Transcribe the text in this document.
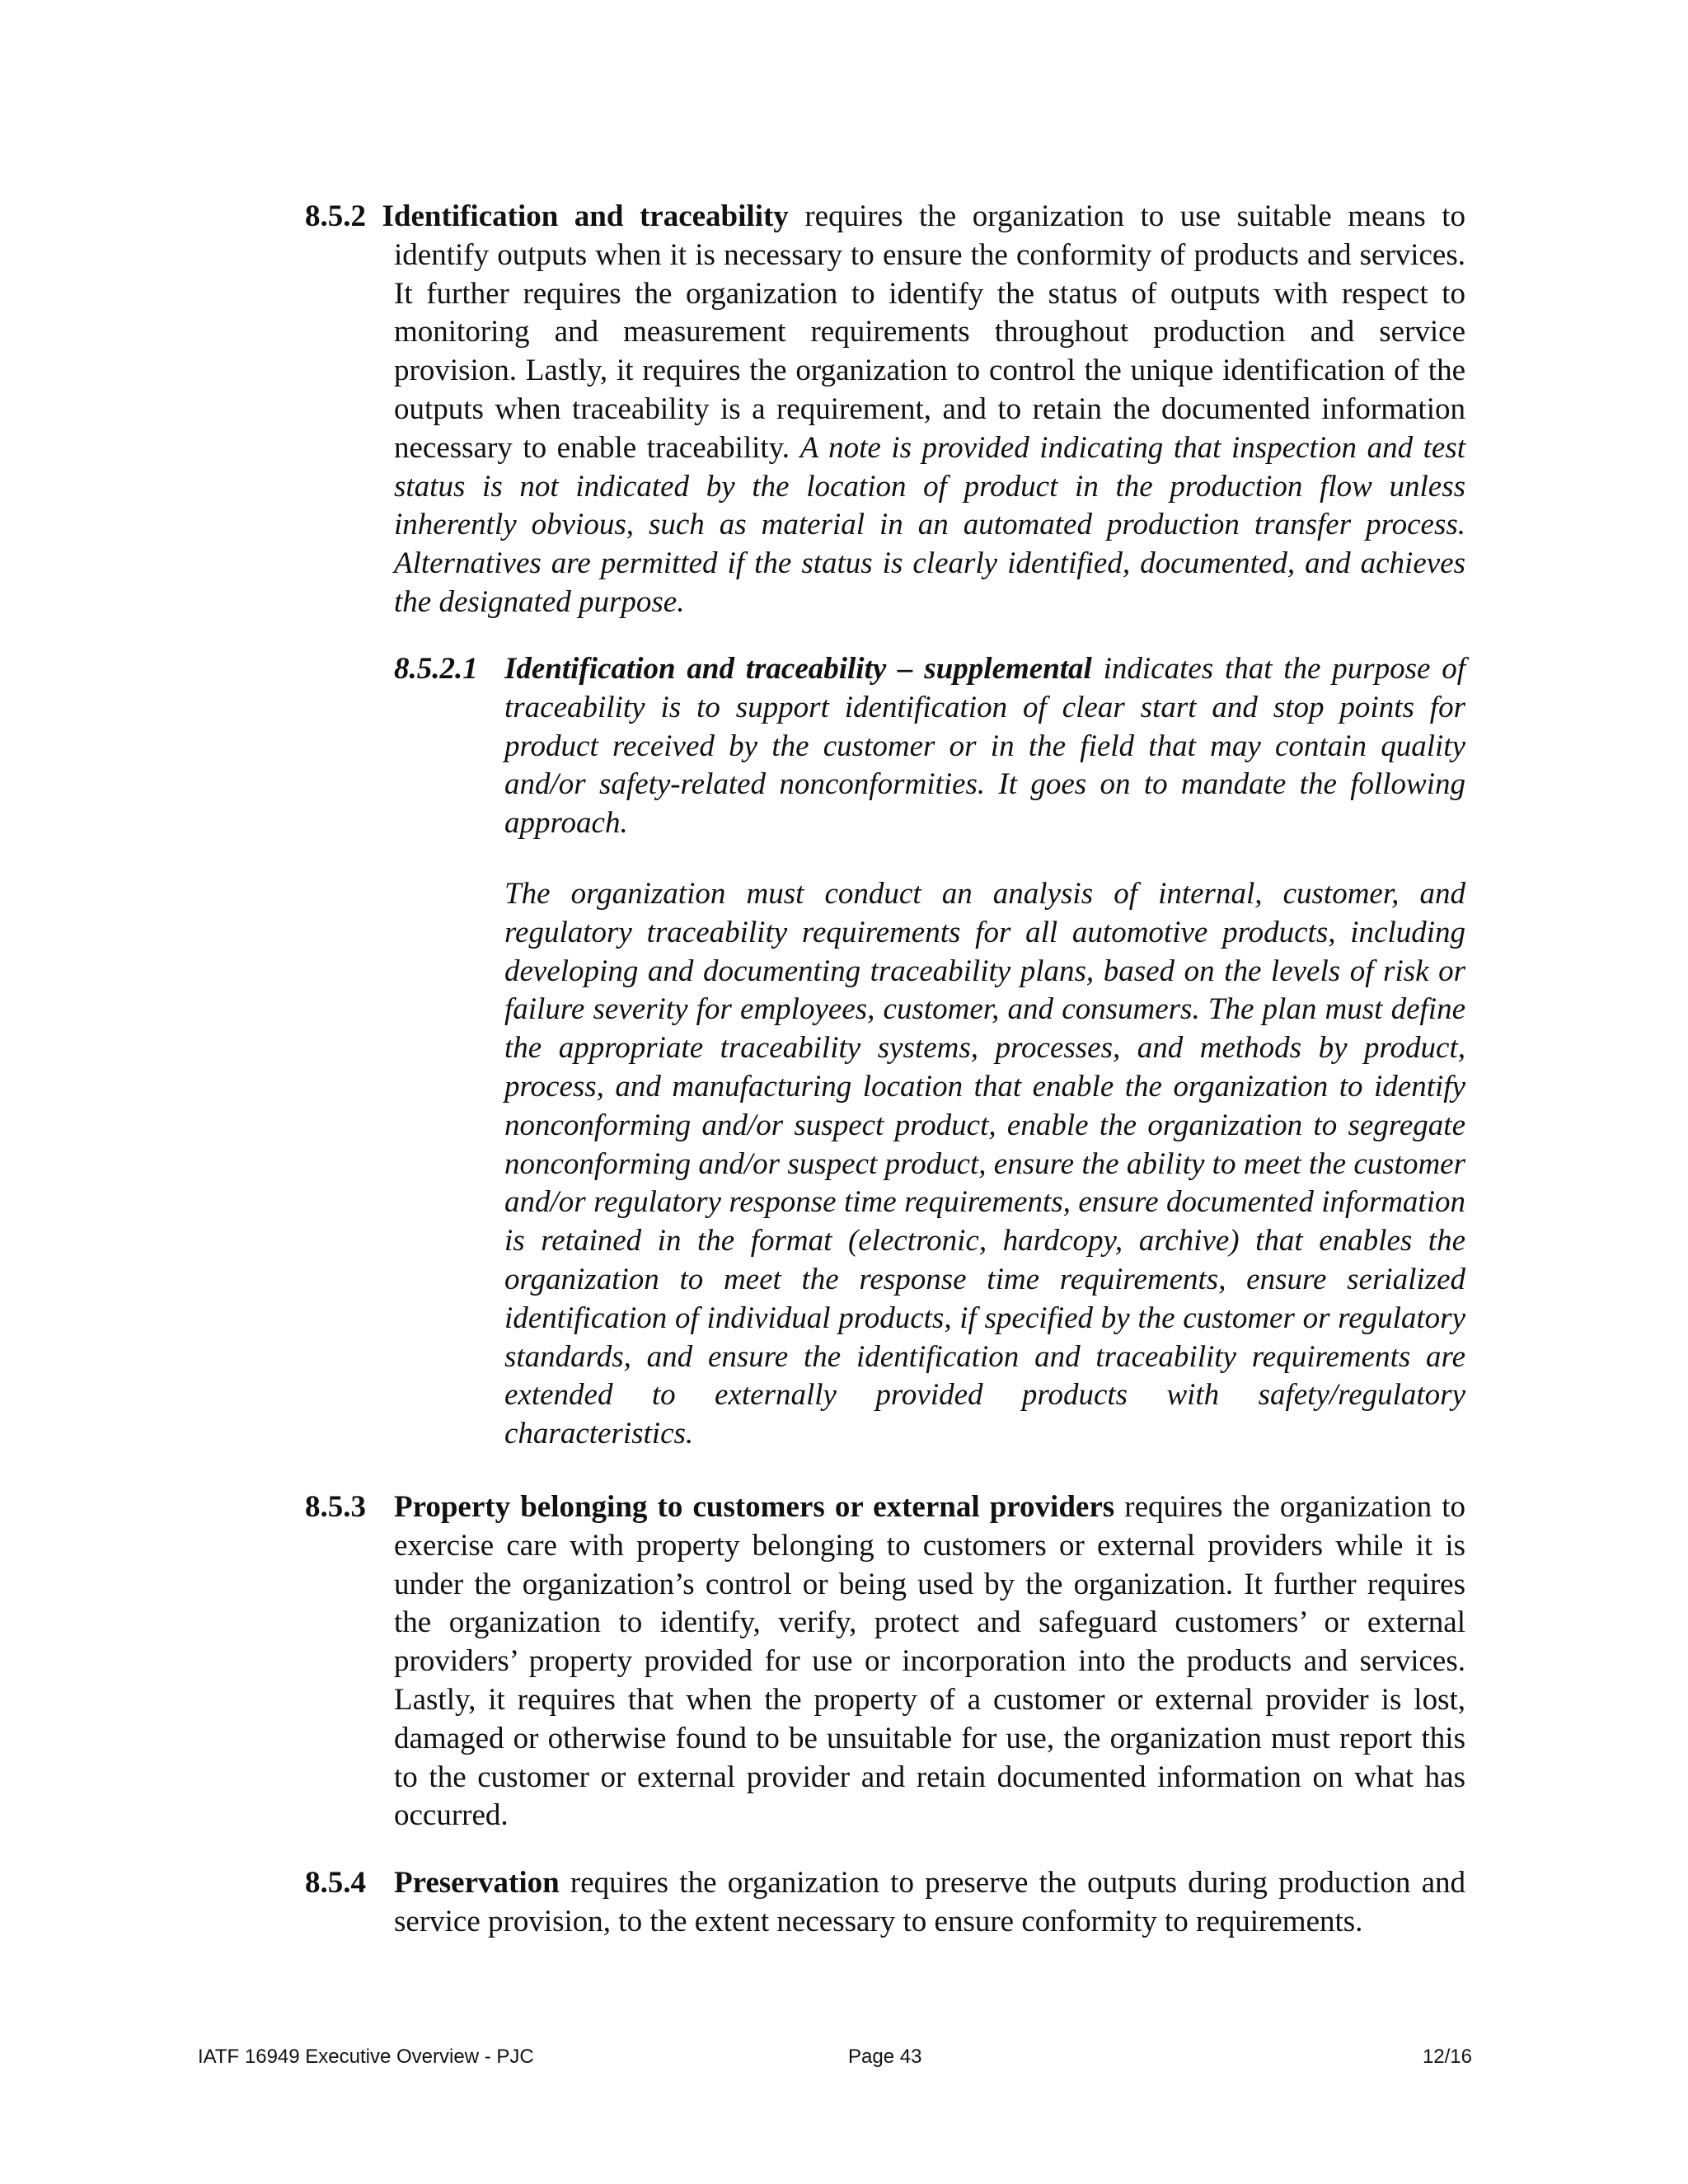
8.5.2 Identification and traceability requires the organization to use suitable means to identify outputs when it is necessary to ensure the conformity of products and services. It further requires the organization to identify the status of outputs with respect to monitoring and measurement requirements throughout production and service provision. Lastly, it requires the organization to control the unique identification of the outputs when traceability is a requirement, and to retain the documented information necessary to enable traceability. A note is provided indicating that inspection and test status is not indicated by the location of product in the production flow unless inherently obvious, such as material in an automated production transfer process. Alternatives are permitted if the status is clearly identified, documented, and achieves the designated purpose.

8.5.2.1 Identification and traceability – supplemental indicates that the purpose of traceability is to support identification of clear start and stop points for product received by the customer or in the field that may contain quality and/or safety-related nonconformities. It goes on to mandate the following approach.

The organization must conduct an analysis of internal, customer, and regulatory traceability requirements for all automotive products, including developing and documenting traceability plans, based on the levels of risk or failure severity for employees, customer, and consumers. The plan must define the appropriate traceability systems, processes, and methods by product, process, and manufacturing location that enable the organization to identify nonconforming and/or suspect product, enable the organization to segregate nonconforming and/or suspect product, ensure the ability to meet the customer and/or regulatory response time requirements, ensure documented information is retained in the format (electronic, hardcopy, archive) that enables the organization to meet the response time requirements, ensure serialized identification of individual products, if specified by the customer or regulatory standards, and ensure the identification and traceability requirements are extended to externally provided products with safety/regulatory characteristics.

8.5.3 Property belonging to customers or external providers requires the organization to exercise care with property belonging to customers or external providers while it is under the organization’s control or being used by the organization. It further requires the organization to identify, verify, protect and safeguard customers’ or external providers’ property provided for use or incorporation into the products and services. Lastly, it requires that when the property of a customer or external provider is lost, damaged or otherwise found to be unsuitable for use, the organization must report this to the customer or external provider and retain documented information on what has occurred.

8.5.4 Preservation requires the organization to preserve the outputs during production and service provision, to the extent necessary to ensure conformity to requirements.

IATF 16949 Executive Overview - PJC	Page 43	12/16
